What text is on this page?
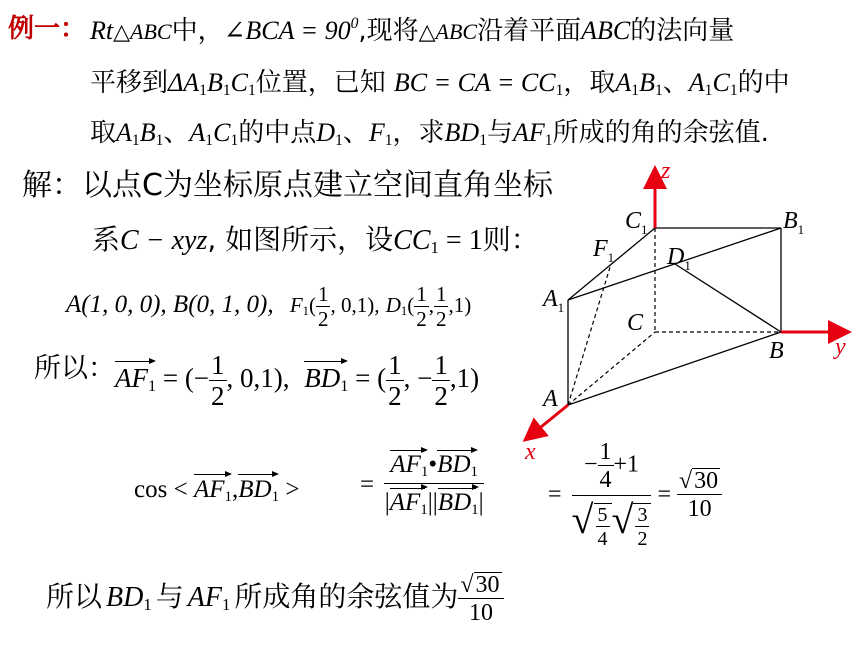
例一： Rt△ABC中，∠BCA = $90^0$,现将△ABC沿着平面ABC的法向量
平移到$\Delta A_1B_1C_1$位置，已知 BC = CA = $CC_1$，取$A_1B_1$、$A_1C_1$的中
取$A_1B_1$、$A_1C_1$的中点$D_1$、$F_1$，求$BD_1$与$AF_1$所成的角的余弦值.
解：以点C为坐标原点建立空间直角坐标
系C − xyz, 如图所示，设$CC_1 = 1$则：
A(1, 0, 0), B(0, 1, 0), $F_1( \frac{1}{2}$ , 0,1), $D_1( \frac{1}{2}$ , $\frac{1}{2} ,1$)
所以：$AF_1$ = (− $\frac{1}{2}$ , 0,1), $BD_1$ = ( $\frac{1}{2}$ , − $\frac{1}{2} ,1$)
$\cos < AF_1,BD_1$ > = $\frac{AF_1•BD_1}{|AF_1||BD_1|}$	= $\frac{- \frac{1}{4} +1}{√ \frac{5}{4} √ \frac{3}{2}} = \frac{√30}{10}$
所以 $BD_1$ 与 $AF_1$ 所成角的余弦值为 $\frac{√30}{10}$
z
y
x
$C_1$	$B_1$
$F_1$ $D_1$
$A_1$
C
B
A
